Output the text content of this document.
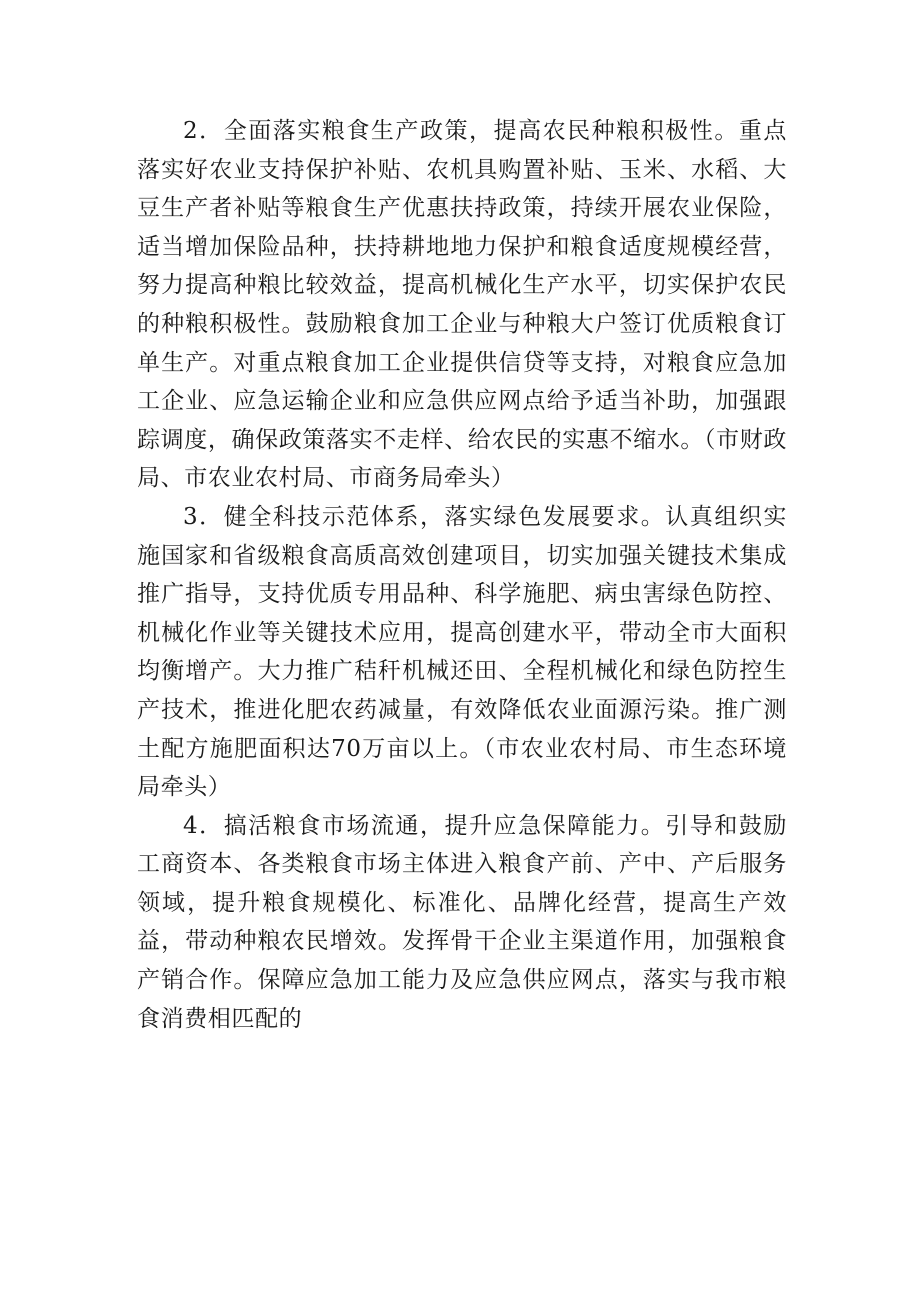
2．全面落实粮食生产政策，提高农民种粮积极性。重点落实好农业支持保护补贴、农机具购置补贴、玉米、水稻、大豆生产者补贴等粮食生产优惠扶持政策，持续开展农业保险，适当增加保险品种，扶持耕地地力保护和粮食适度规模经营，努力提高种粮比较效益，提高机械化生产水平，切实保护农民的种粮积极性。鼓励粮食加工企业与种粮大户签订优质粮食订单生产。对重点粮食加工企业提供信贷等支持，对粮食应急加工企业、应急运输企业和应急供应网点给予适当补助，加强跟踪调度，确保政策落实不走样、给农民的实惠不缩水。（市财政局、市农业农村局、市商务局牵头）

3．健全科技示范体系，落实绿色发展要求。认真组织实施国家和省级粮食高质高效创建项目，切实加强关键技术集成推广指导，支持优质专用品种、科学施肥、病虫害绿色防控、机械化作业等关键技术应用，提高创建水平，带动全市大面积均衡增产。大力推广秸秆机械还田、全程机械化和绿色防控生产技术，推进化肥农药减量，有效降低农业面源污染。推广测土配方施肥面积达70万亩以上。（市农业农村局、市生态环境局牵头）

4．搞活粮食市场流通，提升应急保障能力。引导和鼓励工商资本、各类粮食市场主体进入粮食产前、产中、产后服务领域，提升粮食规模化、标准化、品牌化经营，提高生产效益，带动种粮农民增效。发挥骨干企业主渠道作用，加强粮食产销合作。保障应急加工能力及应急供应网点，落实与我市粮食消费相匹配的
